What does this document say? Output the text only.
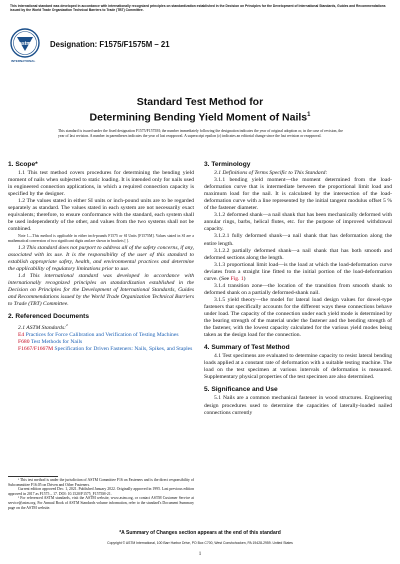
This international standard was developed in accordance with internationally recognized principles on standardization established in the Decision on Principles for the Development of International Standards, Guides and Recommendations issued by the World Trade Organization Technical Barriers to Trade (TBT) Committee.
astm
INTERNATIONAL
Designation: F1575/F1575M – 21
Standard Test Method for
Determining Bending Yield Moment of Nails$^1$
This standard is issued under the fixed designation F1575/F1575M; the number immediately following the designation indicates the year of original adoption or, in the case of revision, the year of last revision. A number in parentheses indicates the year of last reapproval. A superscript epsilon (ε) indicates an editorial change since the last revision or reapproval.

1. Scope*

1.1 This test method covers procedures for determining the bending yield moment of nails when subjected to static loading. It is intended only for nails used in engineered connection applications, in which a required connection capacity is specified by the designer.

1.2 The values stated in either SI units or inch-pound units are to be regarded separately as standard. The values stated in each system are not necessarily exact equivalents; therefore, to ensure conformance with the standard, each system shall be used independently of the other, and values from the two systems shall not be combined.

Note 1—This method is applicable in either inch-pounds F1575 or SI Units [F1575M]. Values stated in SI are a mathematical conversion of two significant digits and are shown in brackets [ ].

1.3 This standard does not purport to address all of the safety concerns, if any, associated with its use. It is the responsibility of the user of this standard to establish appropriate safety, health, and environmental practices and determine the applicability of regulatory limitations prior to use.

1.4 This international standard was developed in accordance with internationally recognized principles on standardization established in the Decision on Principles for the Development of International Standards, Guides and Recommendations issued by the World Trade Organization Technical Barriers to Trade (TBT) Committee.

2. Referenced Documents

2.1 ASTM Standards:$^2$

E4 Practices for Force Calibration and Verification of Testing Machines

F680 Test Methods for Nails

F1667/F1667M Specification for Driven Fasteners: Nails, Spikes, and Staples

¹ This test method is under the jurisdiction of ASTM Committee F16 on Fasteners and is the direct responsibility of Subcommittee F16.05 on Driven and Other Fasteners.

Current edition approved Dec. 1, 2021. Published January 2022. Originally approved in 1995. Last previous edition approved in 2017 as F1575 – 17. DOI: 10.1520/F1575_F1575M-21.

² For referenced ASTM standards, visit the ASTM website, www.astm.org, or contact ASTM Customer Service at service@astm.org. For Annual Book of ASTM Standards volume information, refer to the standard's Document Summary page on the ASTM website.

3. Terminology

3.1 Definitions of Terms Specific to This Standard:

3.1.1 bending yield moment—the moment determined from the load-deformation curve that is intermediate between the proportional limit load and maximum load for the nail. It is calculated by the intersection of the load-deformation curve with a line represented by the initial tangent modulus offset 5 % of the fastener diameter.

3.1.2 deformed shank—a nail shank that has been mechanically deformed with annular rings, barbs, helical flutes, etc. for the purpose of improved withdrawal capacity.

3.1.2.1 fully deformed shank—a nail shank that has deformation along the entire length.

3.1.2.2 partially deformed shank—a nail shank that has both smooth and deformed sections along the length.

3.1.3 proportional limit load—is the load at which the load-deformation curve deviates from a straight line fitted to the initial portion of the load-deformation curve. (See Fig. 1)

3.1.4 transition zone—the location of the transition from smooth shank to deformed shank on a partially deformed-shank nail.

3.1.5 yield theory—the model for lateral load design values for dowel-type fasteners that specifically accounts for the different ways these connections behave under load. The capacity of the connection under each yield mode is determined by the bearing strength of the material under the fastener and the bending strength of the fastener, with the lowest capacity calculated for the various yield modes being taken as the design load for the connection.

4. Summary of Test Method

4.1 Test specimens are evaluated to determine capacity to resist lateral bending loads applied at a constant rate of deformation with a suitable testing machine. The load on the test specimen at various intervals of deformation is measured. Supplementary physical properties of the test specimen are also determined.

5. Significance and Use

5.1 Nails are a common mechanical fastener in wood structures. Engineering design procedures used to determine the capacities of laterally-loaded nailed connections currently

*A Summary of Changes section appears at the end of this standard
Copyright © ASTM International, 100 Barr Harbor Drive, PO Box C700, West Conshohocken, PA 19428-2959. United States
1
